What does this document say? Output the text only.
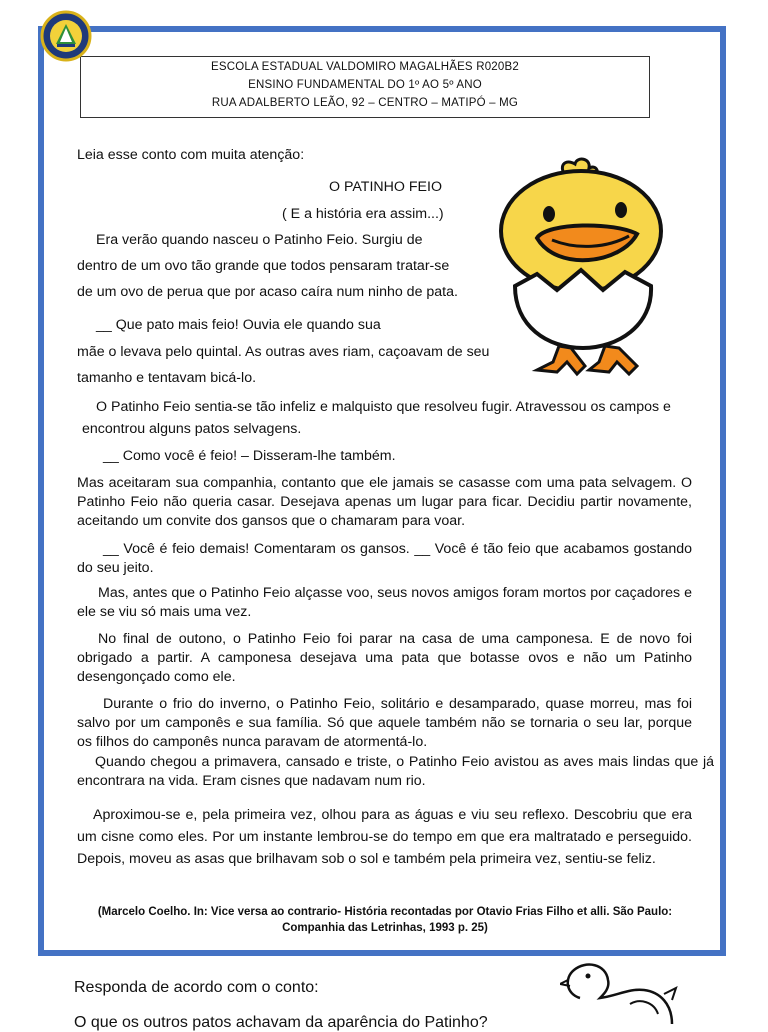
ESCOLA ESTADUAL VALDOMIRO MAGALHÃES R020B2
ENSINO FUNDAMENTAL DO 1º AO 5º ANO
RUA ADALBERTO LEÃO, 92 – CENTRO – MATIPÓ – MG
Leia esse conto com muita atenção:
O PATINHO FEIO
( E a história era assim...)
Era verão quando nasceu o Patinho Feio. Surgiu de
dentro de um ovo tão grande que todos pensaram tratar-se
de um ovo de perua que por acaso caíra num ninho de pata.
__ Que pato mais feio! Ouvia ele quando sua
mãe o levava pelo quintal. As outras aves riam, caçoavam de seu
tamanho e tentavam bicá-lo.
O Patinho Feio sentia-se tão infeliz e malquisto que resolveu fugir. Atravessou os campos e
encontrou alguns patos selvagens.
__ Como você é feio! – Disseram-lhe também.
Mas aceitaram sua companhia, contanto que ele jamais se casasse com uma pata selvagem. O Patinho Feio não queria casar. Desejava apenas um lugar para ficar. Decidiu partir novamente, aceitando um convite dos gansos que o chamaram para voar.
__ Você é feio demais! Comentaram os gansos. __ Você é tão feio que acabamos gostando do seu jeito.
Mas, antes que o Patinho Feio alçasse voo, seus novos amigos foram mortos por caçadores e ele se viu só mais uma vez.
No final de outono, o Patinho Feio foi parar na casa de uma camponesa. E de novo foi obrigado a partir. A camponesa desejava uma pata que botasse ovos e não um Patinho desengonçado como ele.
Durante o frio do inverno, o Patinho Feio, solitário e desamparado, quase morreu, mas foi salvo por um camponês e sua família. Só que aquele também não se tornaria o seu lar, porque os filhos do camponês nunca paravam de atormentá-lo.
Quando chegou a primavera, cansado e triste, o Patinho Feio avistou as aves mais lindas que já encontrara na vida. Eram cisnes que nadavam num rio.
Aproximou-se e, pela primeira vez, olhou para as águas e viu seu reflexo. Descobriu que era um cisne como eles. Por um instante lembrou-se do tempo em que era maltratado e perseguido. Depois, moveu as asas que brilhavam sob o sol e também pela primeira vez, sentiu-se feliz.
(Marcelo Coelho. In: Vice versa ao contrario- História recontadas por Otavio Frias Filho et alli. São Paulo:
Companhia das Letrinhas, 1993 p. 25)
Responda de acordo com o conto:
O que os outros patos achavam da aparência do Patinho?
